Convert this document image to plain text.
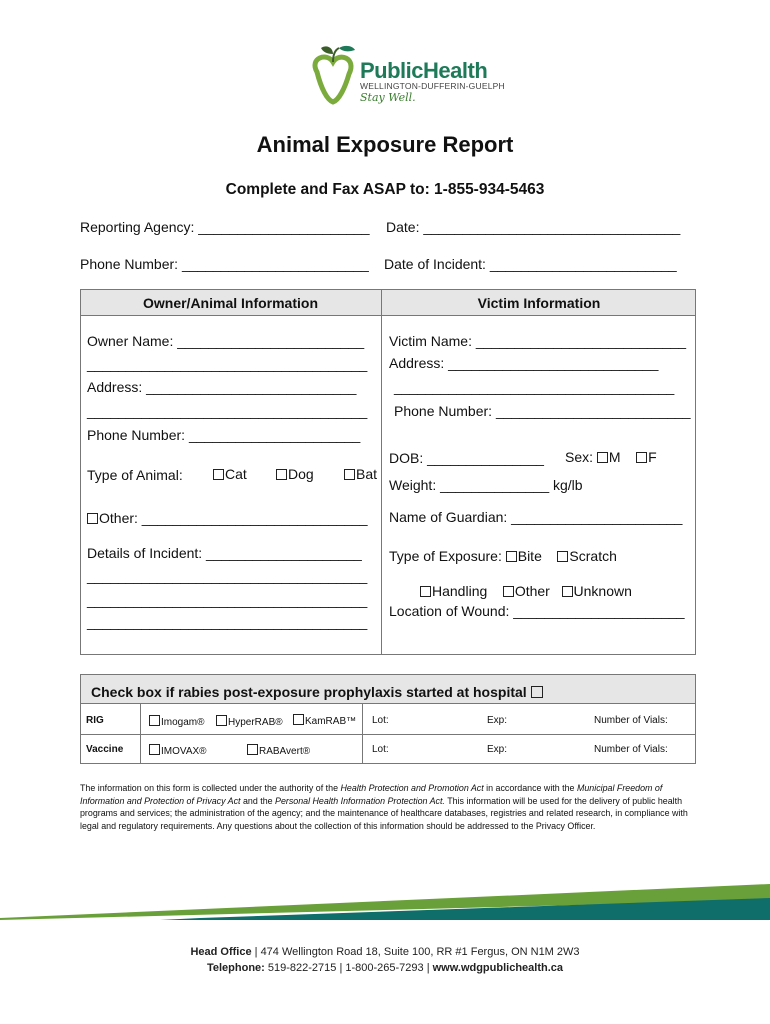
PublicHealth
WELLINGTON-DUFFERIN-GUELPH
Stay Well.
Animal Exposure Report
Complete and Fax ASAP to: 1-855-934-5463
Reporting Agency: ______________________ Date: _________________________________
Phone Number: ________________________ Date of Incident: ________________________
Owner/Animal Information	Victim Information
Owner Name: ________________________
____________________________________
Address: ___________________________
____________________________________
Phone Number: ______________________
Type of Animal:	Cat	Dog	Bat
Other: _____________________________
Details of Incident: ____________________
____________________________________
____________________________________
____________________________________
Victim Name: ___________________________
Address: ___________________________
____________________________________
Phone Number: _________________________
DOB: _______________ Sex: M F
Weight: ______________ kg/lb
Name of Guardian: ______________________
Type of Exposure: Bite Scratch
Handling Other Unknown
Location of Wound: ______________________
Check box if rabies post-exposure prophylaxis started at hospital
RIG	Imogam®	HyperRAB®	KamRAB™ Lot:	Exp:	Number of Vials:
Vaccine	IMOVAX®	RABAvert®	Lot:	Exp:	Number of Vials:
The information on this form is collected under the authority of the Health Protection and Promotion Act in accordance with the Municipal Freedom of Information and Protection of Privacy Act and the Personal Health Information Protection Act. This information will be used for the delivery of public health programs and services; the administration of the agency; and the maintenance of healthcare databases, registries and related research, in compliance with legal and regulatory requirements. Any questions about the collection of this information should be addressed to the Privacy Officer.
Head Office | 474 Wellington Road 18, Suite 100, RR #1 Fergus, ON N1M 2W3
Telephone: 519-822-2715 | 1-800-265-7293 | www.wdgpublichealth.ca
